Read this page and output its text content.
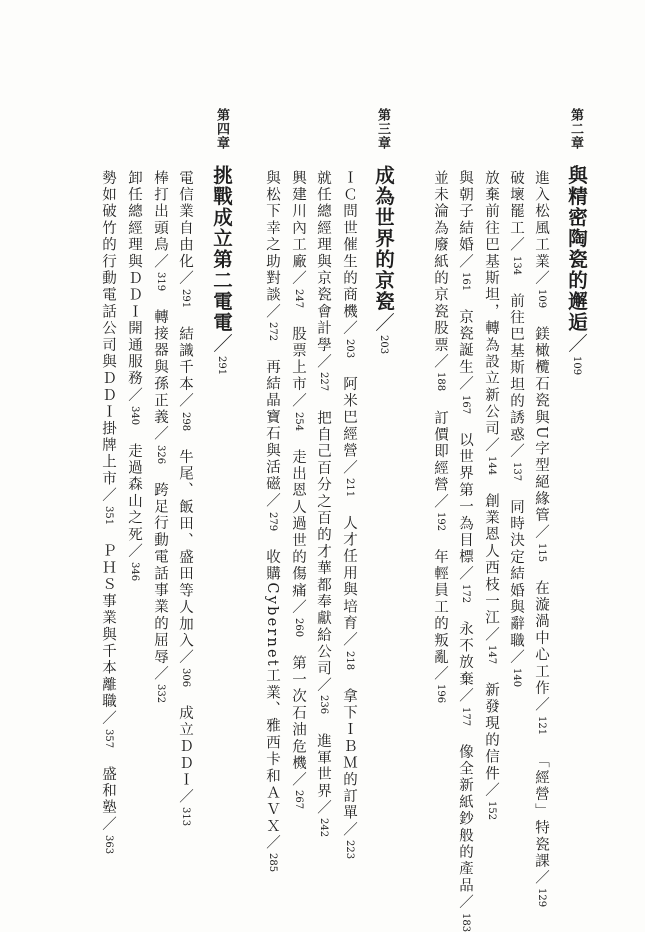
第二章
與精密陶瓷的邂逅／109
進入松風工業／109鎂橄欖石瓷與U字型絕緣管／115在漩渦中心工作／121「經營」特瓷課／129
破壞罷工／134前往巴基斯坦的誘惑／137同時決定結婚與辭職／140
放棄前往巴基斯坦，轉為設立新公司／144創業恩人西枝一江／147新發現的信件／152
與朝子結婚／161京瓷誕生／167以世界第一為目標／172永不放棄／177像全新紙鈔般的產品／183
並未淪為廢紙的京瓷股票／188訂價即經營／192年輕員工的叛亂／196
第三章
成為世界的京瓷／203
ＩＣ問世催生的商機／203阿米巴經營／211人才任用與培育／218拿下ＩＢＭ的訂單／223
就任總經理與京瓷會計學／227把自己百分之百的才華都奉獻給公司／236進軍世界／242
興建川內工廠／247股票上市／254走出恩人過世的傷痛／260第一次石油危機／267
與松下幸之助對談／272再結晶寶石與活磁／279收購Cybernet工業、雅西卡和ＡＶＸ／285
第四章
挑戰成立第二電電／291
電信業自由化／291結識千本／298牛尾、飯田、盛田等人加入／306成立ＤＤＩ／313
棒打出頭鳥／319轉接器與孫正義／326跨足行動電話事業的屈辱／332
卸任總經理與ＤＤＩ開通服務／340走過森山之死／346
勢如破竹的行動電話公司與ＤＤＩ掛牌上市／351ＰＨＳ事業與千本離職／357盛和塾／363
